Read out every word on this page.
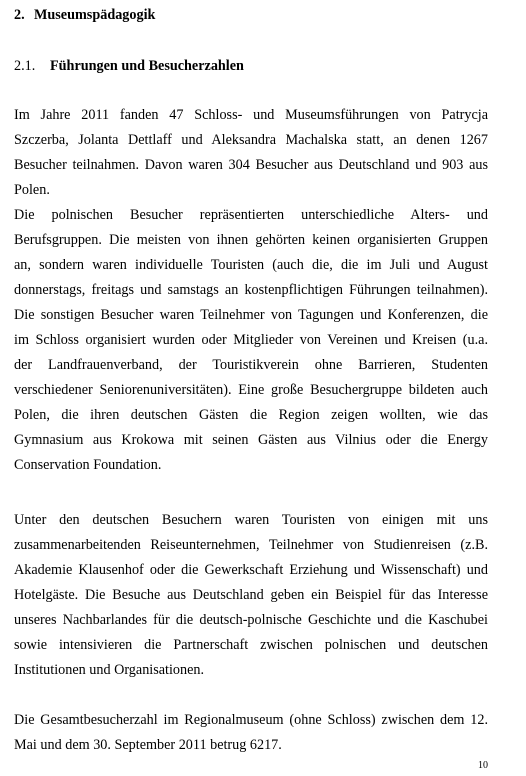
2. Museumspädagogik
2.1. Führungen und Besucherzahlen
Im Jahre 2011 fanden 47 Schloss- und Museumsführungen von Patrycja
Szczerba, Jolanta Dettlaff und Aleksandra Machalska statt, an denen 1267
Besucher teilnahmen. Davon waren 304 Besucher aus Deutschland und 903 aus
Polen.
Die polnischen Besucher repräsentierten unterschiedliche Alters- und
Berufsgruppen. Die meisten von ihnen gehörten keinen organisierten Gruppen
an, sondern waren individuelle Touristen (auch die, die im Juli und August
donnerstags, freitags und samstags an kostenpflichtigen Führungen teilnahmen).
Die sonstigen Besucher waren Teilnehmer von Tagungen und Konferenzen, die
im Schloss organisiert wurden oder Mitglieder von Vereinen und Kreisen (u.a.
der Landfrauenverband, der Touristikverein ohne Barrieren, Studenten
verschiedener Seniorenuniversitäten). Eine große Besuchergruppe bildeten auch
Polen, die ihren deutschen Gästen die Region zeigen wollten, wie das
Gymnasium aus Krokowa mit seinen Gästen aus Vilnius oder die Energy
Conservation Foundation.
Unter den deutschen Besuchern waren Touristen von einigen mit uns
zusammenarbeitenden Reiseunternehmen, Teilnehmer von Studienreisen (z.B.
Akademie Klausenhof oder die Gewerkschaft Erziehung und Wissenschaft) und
Hotelgäste. Die Besuche aus Deutschland geben ein Beispiel für das Interesse
unseres Nachbarlandes für die deutsch-polnische Geschichte und die Kaschubei
sowie intensivieren die Partnerschaft zwischen polnischen und deutschen
Institutionen und Organisationen.
Die Gesamtbesucherzahl im Regionalmuseum (ohne Schloss) zwischen dem 12.
Mai und dem 30. September 2011 betrug 6217.
10
